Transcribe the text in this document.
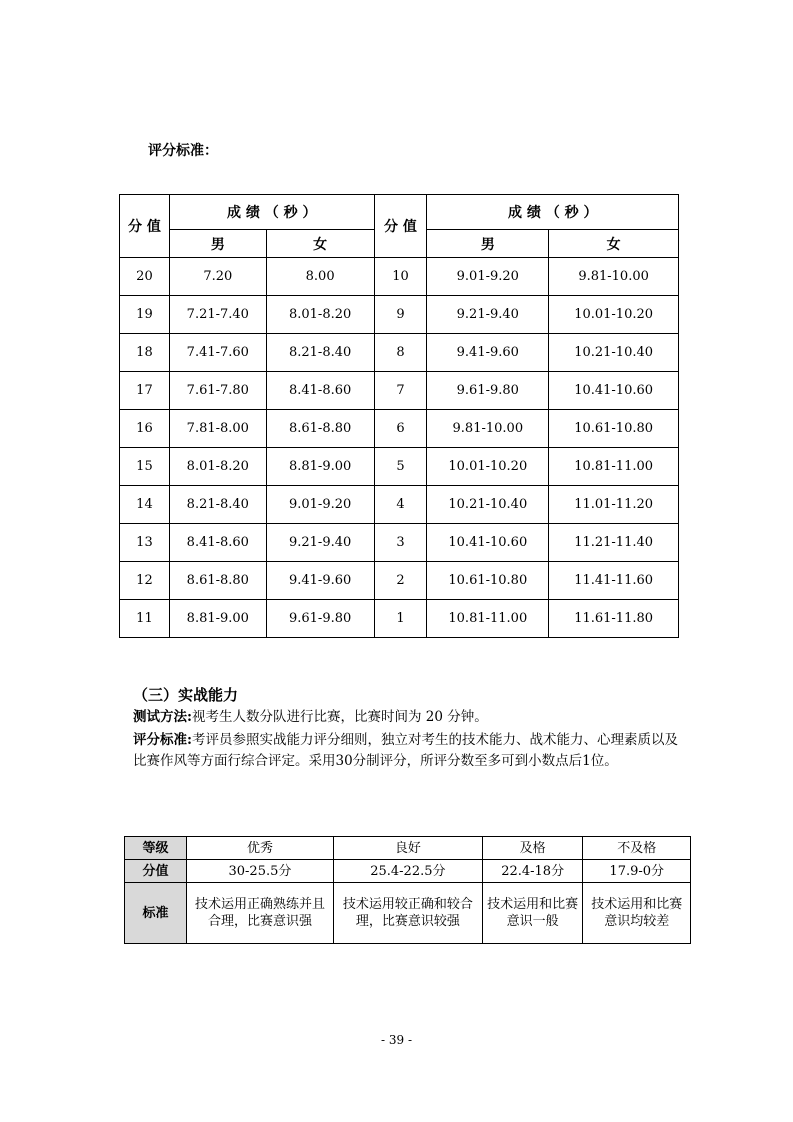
评分标准：
分 值	成 绩 （ 秒 ）		分 值	成 绩 （ 秒 ）	
	男	女		男	女
20	7.20	8.00	10	9.01-9.20	9.81-10.00
19	7.21-7.40	8.01-8.20	9	9.21-9.40	10.01-10.20
18	7.41-7.60	8.21-8.40	8	9.41-9.60	10.21-10.40
17	7.61-7.80	8.41-8.60	7	9.61-9.80	10.41-10.60
16	7.81-8.00	8.61-8.80	6	9.81-10.00	10.61-10.80
15	8.01-8.20	8.81-9.00	5	10.01-10.20	10.81-11.00
14	8.21-8.40	9.01-9.20	4	10.21-10.40	11.01-11.20
13	8.41-8.60	9.21-9.40	3	10.41-10.60	11.21-11.40
12	8.61-8.80	9.41-9.60	2	10.61-10.80	11.41-11.60
11	8.81-9.00	9.61-9.80	1	10.81-11.00	11.61-11.80
（三）实战能力
测试方法:视考生人数分队进行比赛，比赛时间为 20 分钟。
评分标准:考评员参照实战能力评分细则，独立对考生的技术能力、战术能力、心理素质以及比赛作风等方面行综合评定。采用30分制评分，所评分数至多可到小数点后1位。
等级	优秀	良好	及格	不及格
分值	30-25.5分	25.4-22.5分	22.4-18分	17.9-0分
标准	技术运用正确熟练并且合理，比赛意识强	技术运用较正确和较合理，比赛意识较强	技术运用和比赛意识一般	技术运用和比赛意识均较差
- 39 -
